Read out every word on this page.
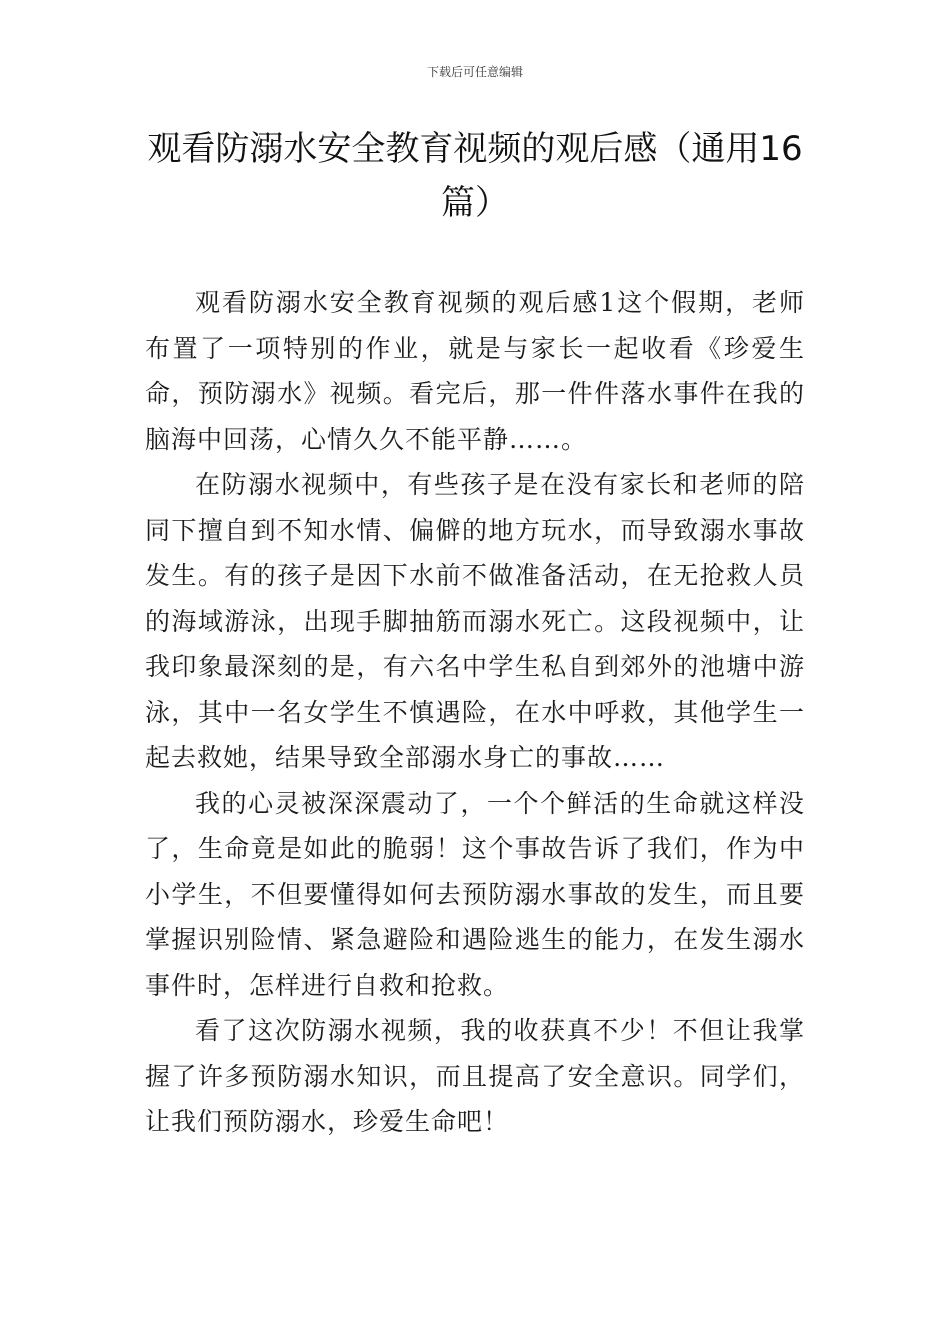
下载后可任意编辑
观看防溺水安全教育视频的观后感（通用16篇）

观看防溺水安全教育视频的观后感1这个假期，老师布置了一项特别的作业，就是与家长一起收看《珍爱生命，预防溺水》视频。看完后，那一件件落水事件在我的脑海中回荡，心情久久不能平静……。

在防溺水视频中，有些孩子是在没有家长和老师的陪同下擅自到不知水情、偏僻的地方玩水，而导致溺水事故发生。有的孩子是因下水前不做准备活动，在无抢救人员的海域游泳，出现手脚抽筋而溺水死亡。这段视频中，让我印象最深刻的是，有六名中学生私自到郊外的池塘中游泳，其中一名女学生不慎遇险，在水中呼救，其他学生一起去救她，结果导致全部溺水身亡的事故……

我的心灵被深深震动了，一个个鲜活的生命就这样没了，生命竟是如此的脆弱！这个事故告诉了我们，作为中小学生，不但要懂得如何去预防溺水事故的发生，而且要掌握识别险情、紧急避险和遇险逃生的能力，在发生溺水事件时，怎样进行自救和抢救。

看了这次防溺水视频，我的收获真不少！不但让我掌握了许多预防溺水知识，而且提高了安全意识。同学们，让我们预防溺水，珍爱生命吧！
